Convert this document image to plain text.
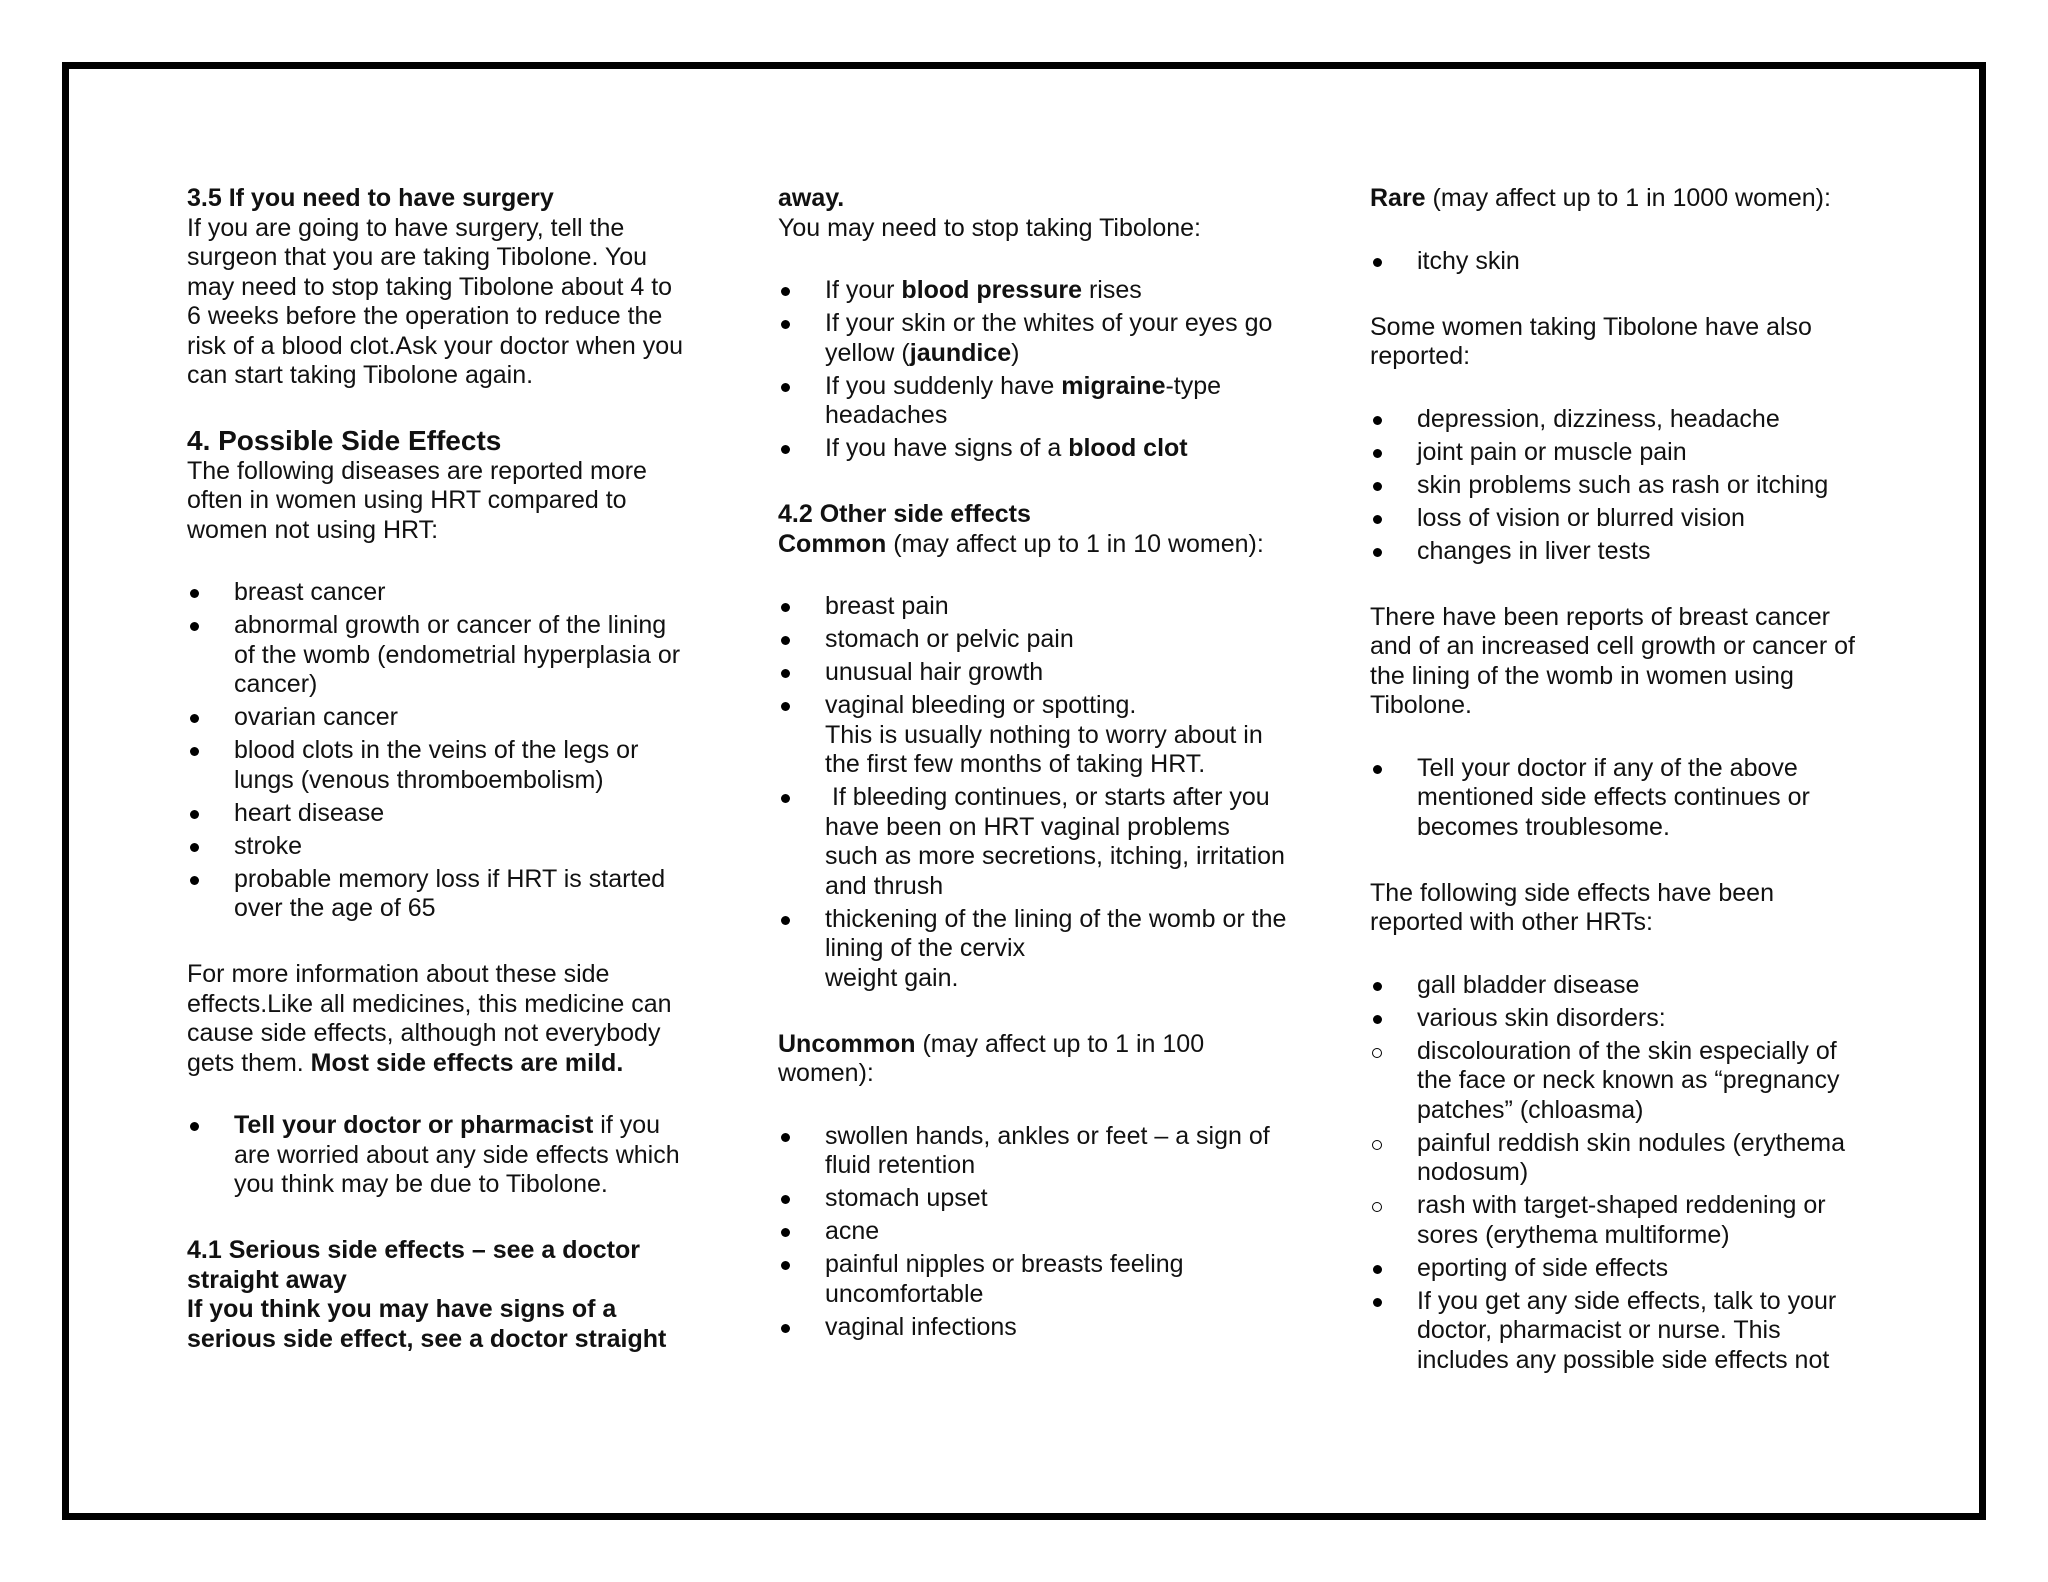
3.5 If you need to have surgery

If you are going to have surgery, tell the surgeon that you are taking Tibolone. You may need to stop taking Tibolone about 4 to 6 weeks before the operation to reduce the risk of a blood clot.Ask your doctor when you can start taking Tibolone again.

4. Possible Side Effects

The following diseases are reported more often in women using HRT compared to women not using HRT:

breast cancer
abnormal growth or cancer of the lining of the womb (endometrial hyperplasia or cancer)
ovarian cancer
blood clots in the veins of the legs or lungs (venous thromboembolism)
heart disease
stroke
probable memory loss if HRT is started over the age of 65

For more information about these side effects.Like all medicines, this medicine can cause side effects, although not everybody gets them. Most side effects are mild.

Tell your doctor or pharmacist if you are worried about any side effects which you think may be due to Tibolone.

4.1 Serious side effects – see a doctor straight away

If you think you may have signs of a serious side effect, see a doctor straight

away.

You may need to stop taking Tibolone:

If your blood pressure rises
If your skin or the whites of your eyes go yellow (jaundice)
If you suddenly have migraine-type headaches
If you have signs of a blood clot

4.2 Other side effects

Common (may affect up to 1 in 10 women):

breast pain
stomach or pelvic pain
unusual hair growth
vaginal bleeding or spotting.
This is usually nothing to worry about in the first few months of taking HRT.
If bleeding continues, or starts after you have been on HRT vaginal problems such as more secretions, itching, irritation and thrush
thickening of the lining of the womb or the lining of the cervix
weight gain.

Uncommon (may affect up to 1 in 100 women):

swollen hands, ankles or feet – a sign of fluid retention
stomach upset
acne
painful nipples or breasts feeling uncomfortable
vaginal infections

Rare (may affect up to 1 in 1000 women):

itchy skin

Some women taking Tibolone have also reported:

depression, dizziness, headache
joint pain or muscle pain
skin problems such as rash or itching
loss of vision or blurred vision
changes in liver tests

There have been reports of breast cancer and of an increased cell growth or cancer of the lining of the womb in women using Tibolone.

Tell your doctor if any of the above mentioned side effects continues or becomes troublesome.

The following side effects have been reported with other HRTs:

gall bladder disease
various skin disorders:
discolouration of the skin especially of the face or neck known as “pregnancy patches” (chloasma)
painful reddish skin nodules (erythema nodosum)
rash with target-shaped reddening or sores (erythema multiforme)
eporting of side effects
If you get any side effects, talk to your doctor, pharmacist or nurse. This includes any possible side effects not
